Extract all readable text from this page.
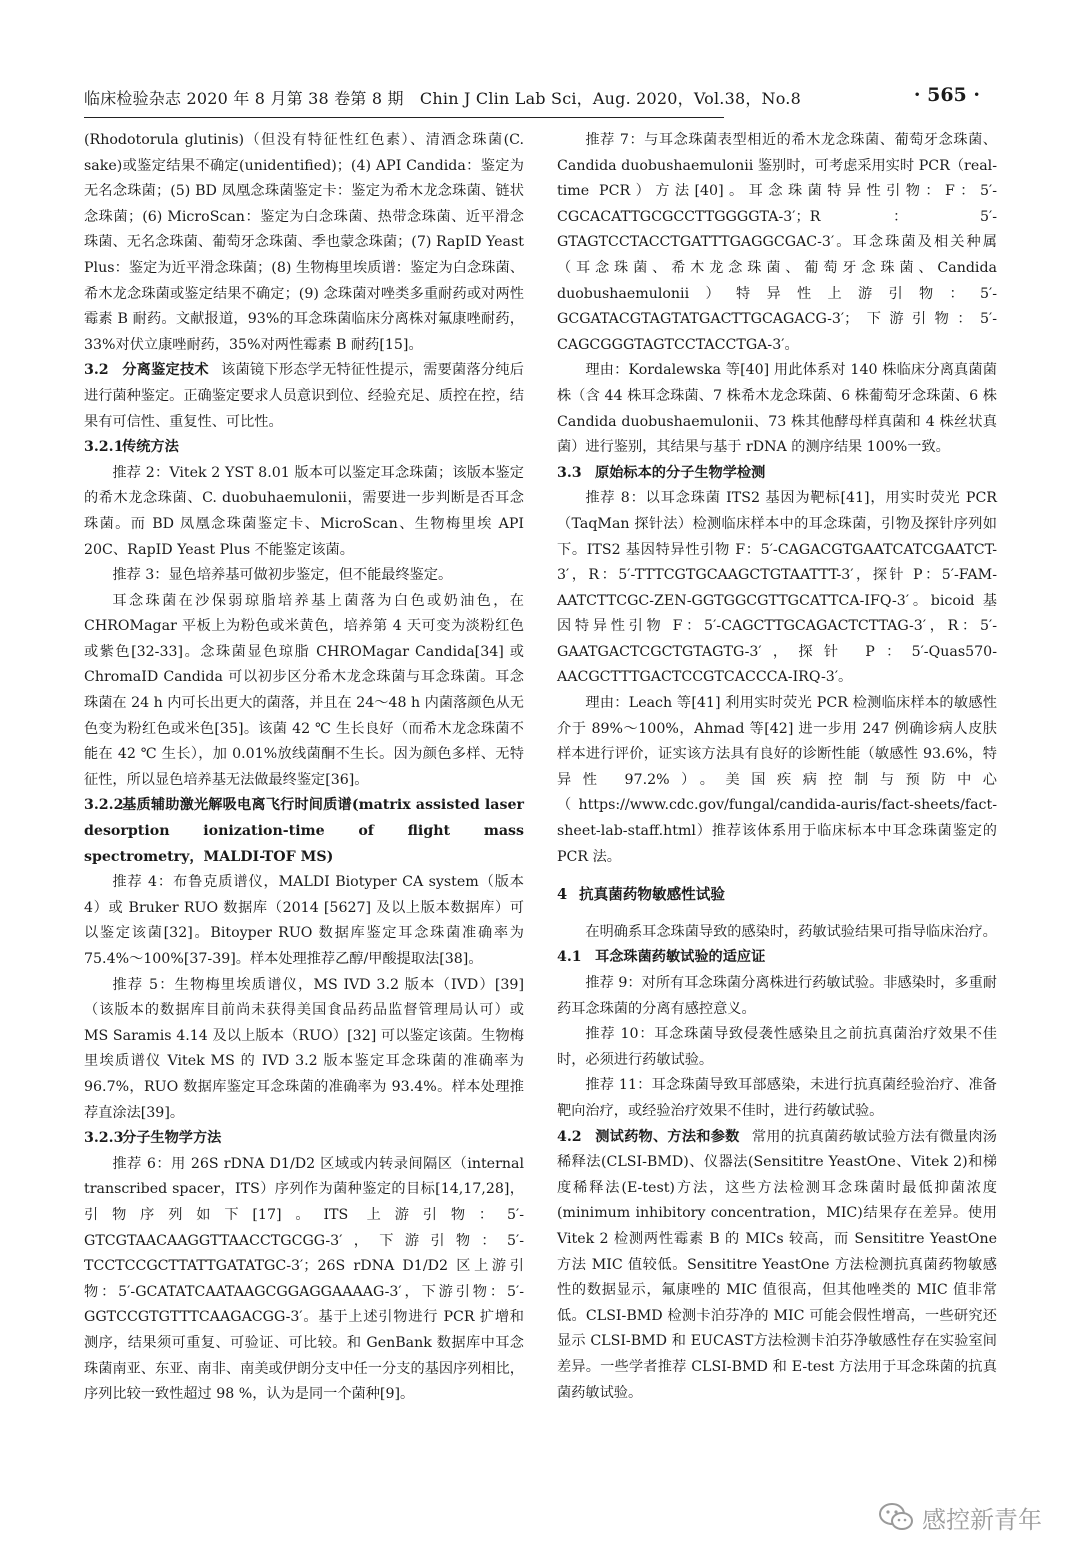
临床检验杂志 2020 年 8 月第 38 卷第 8 期　Chin J Clin Lab Sci，Aug. 2020，Vol.38，No.8	· 565 ·

(Rhodotorula glutinis)（但没有特征性红色素）、清酒念珠菌(C. sake)或鉴定结果不确定(unidentified)；(4) API Candida：鉴定为无名念珠菌；(5) BD 凤凰念珠菌鉴定卡：鉴定为希木龙念珠菌、链状念珠菌；(6) MicroScan：鉴定为白念珠菌、热带念珠菌、近平滑念珠菌、无名念珠菌、葡萄牙念珠菌、季也蒙念珠菌；(7) RapID Yeast Plus：鉴定为近平滑念珠菌；(8) 生物梅里埃质谱：鉴定为白念珠菌、希木龙念珠菌或鉴定结果不确定；(9) 念珠菌对唑类多重耐药或对两性霉素 B 耐药。文献报道，93%的耳念珠菌临床分离株对氟康唑耐药，33%对伏立康唑耐药，35%对两性霉素 B 耐药[15]。

3.2 分离鉴定技术 该菌镜下形态学无特征性提示，需要菌落分纯后进行菌种鉴定。正确鉴定要求人员意识到位、经验充足、质控在控，结果有可信性、重复性、可比性。

3.2.1传统方法

推荐 2：Vitek 2 YST 8.01 版本可以鉴定耳念珠菌；该版本鉴定的希木龙念珠菌、C. duobuhaemulonii，需要进一步判断是否耳念珠菌。而 BD 凤凰念珠菌鉴定卡、MicroScan、生物梅里埃 API 20C、RapID Yeast Plus 不能鉴定该菌。

推荐 3：显色培养基可做初步鉴定，但不能最终鉴定。

耳念珠菌在沙保弱琼脂培养基上菌落为白色或奶油色，在 CHROMagar 平板上为粉色或米黄色，培养第 4 天可变为淡粉红色或紫色[32-33]。念珠菌显色琼脂 CHROMagar Candida[34] 或 ChromaID Candida 可以初步区分希木龙念珠菌与耳念珠菌。耳念珠菌在 24 h 内可长出更大的菌落，并且在 24～48 h 内菌落颜色从无色变为粉红色或米色[35]。该菌 42 ℃ 生长良好（而希木龙念珠菌不能在 42 ℃ 生长），加 0.01%放线菌酮不生长。因为颜色多样、无特征性，所以显色培养基无法做最终鉴定[36]。

3.2.2基质辅助激光解吸电离飞行时间质谱(matrix assisted laser desorption ionization-time of flight mass spectrometry，MALDI-TOF MS)

推荐 4：布鲁克质谱仪，MALDI Biotyper CA system（版本 4）或 Bruker RUO 数据库（2014 [5627] 及以上版本数据库）可以鉴定该菌[32]。Bitoyper RUO 数据库鉴定耳念珠菌准确率为75.4%～100%[37-39]。样本处理推荐乙醇/甲酸提取法[38]。

推荐 5：生物梅里埃质谱仪，MS IVD 3.2 版本（IVD）[39]（该版本的数据库目前尚未获得美国食品药品监督管理局认可）或 MS Saramis 4.14 及以上版本（RUO）[32] 可以鉴定该菌。生物梅里埃质谱仪 Vitek MS 的 IVD 3.2 版本鉴定耳念珠菌的准确率为 96.7%，RUO 数据库鉴定耳念珠菌的准确率为 93.4%。样本处理推荐直涂法[39]。

3.2.3分子生物学方法

推荐 6：用 26S rDNA D1/D2 区域或内转录间隔区（internal transcribed spacer，ITS）序列作为菌种鉴定的目标[14,17,28]，引物序列如下[17]。ITS 上游引物：5′-GTCGTAACAAGGTTAACCTGCGG-3′，下游引物：5′-TCCTCCGCTTATTGATATGC-3′；26S rDNA D1/D2 区上游引物：5′-GCATATCAATAAGCGGAGGAAAAG-3′，下游引物：5′-GGTCCGTGTTTCAAGACGG-3′。基于上述引物进行 PCR 扩增和测序，结果须可重复、可验证、可比较。和 GenBank 数据库中耳念珠菌南亚、东亚、南非、南美或伊朗分支中任一分支的基因序列相比，序列比较一致性超过 98 %，认为是同一个菌种[9]。

推荐 7：与耳念珠菌表型相近的希木龙念珠菌、葡萄牙念珠菌、Candida duobushaemulonii 鉴别时，可考虑采用实时 PCR（real-time PCR）方法[40]。耳念珠菌特异性引物：F：5′-CGCACATTGCGCCTTGGGGTA-3′；R：5′-GTAGTCCTACCTGATTTGAGGCGAC-3′。耳念珠菌及相关种属（耳念珠菌、希木龙念珠菌、葡萄牙念珠菌、Candida duobushaemulonii）特异性上游引物：5′-GCGATACGTAGTATGACTTGCAGACG-3′；下游引物：5′-CAGCGGGTAGTCCTACCTGA-3′。

理由：Kordalewska 等[40] 用此体系对 140 株临床分离真菌菌株（含 44 株耳念珠菌、7 株希木龙念珠菌、6 株葡萄牙念珠菌、6 株 Candida duobushaemulonii、73 株其他酵母样真菌和 4 株丝状真菌）进行鉴别，其结果与基于 rDNA 的测序结果 100%一致。

3.3 原始标本的分子生物学检测

推荐 8：以耳念珠菌 ITS2 基因为靶标[41]，用实时荧光 PCR（TaqMan 探针法）检测临床样本中的耳念珠菌，引物及探针序列如下。ITS2 基因特异性引物 F：5′-CAGACGTGAATCATCGAATCT-3′，R：5′-TTTCGTGCAAGCTGTAATTT-3′，探针 P：5′-FAM-AATCTTCGC-ZEN-GGTGGCGTTGCATTCA-IFQ-3′。bicoid 基因特异性引物 F：5′-CAGCTTGCAGACTCTTAG-3′，R：5′-GAATGACTCGCTGTAGTG-3′，探针 P：5′-Quas570-AACGCTTTGACTCCGTCACCCA-IRQ-3′。

理由：Leach 等[41] 利用实时荧光 PCR 检测临床样本的敏感性介于 89%～100%，Ahmad 等[42] 进一步用 247 例确诊病人皮肤样本进行评价，证实该方法具有良好的诊断性能（敏感性 93.6%，特异性 97.2%）。美国疾病控制与预防中心（https://www.cdc.gov/fungal/candida-auris/fact-sheets/fact-sheet-lab-staff.html）推荐该体系用于临床标本中耳念珠菌鉴定的 PCR 法。

4 抗真菌药物敏感性试验

在明确系耳念珠菌导致的感染时，药敏试验结果可指导临床治疗。

4.1 耳念珠菌药敏试验的适应证

推荐 9：对所有耳念珠菌分离株进行药敏试验。非感染时，多重耐药耳念珠菌的分离有感控意义。

推荐 10：耳念珠菌导致侵袭性感染且之前抗真菌治疗效果不佳时，必须进行药敏试验。

推荐 11：耳念珠菌导致耳部感染，未进行抗真菌经验治疗、准备靶向治疗，或经验治疗效果不佳时，进行药敏试验。

4.2 测试药物、方法和参数 常用的抗真菌药敏试验方法有微量肉汤稀释法(CLSI-BMD)、仪器法(Sensititre YeastOne、Vitek 2)和梯度稀释法(E-test)方法，这些方法检测耳念珠菌时最低抑菌浓度(minimum inhibitory concentration，MIC)结果存在差异。使用 Vitek 2 检测两性霉素 B 的 MICs 较高，而 Sensititre YeastOne 方法 MIC 值较低。Sensititre YeastOne 方法检测抗真菌药物敏感性的数据显示，氟康唑的 MIC 值很高，但其他唑类的 MIC 值非常低。CLSI-BMD 检测卡泊芬净的 MIC 可能会假性增高，一些研究还显示 CLSI-BMD 和 EUCAST方法检测卡泊芬净敏感性存在实验室间差异。一些学者推荐 CLSI-BMD 和 E-test 方法用于耳念珠菌的抗真菌药敏试验。

感控新青年
